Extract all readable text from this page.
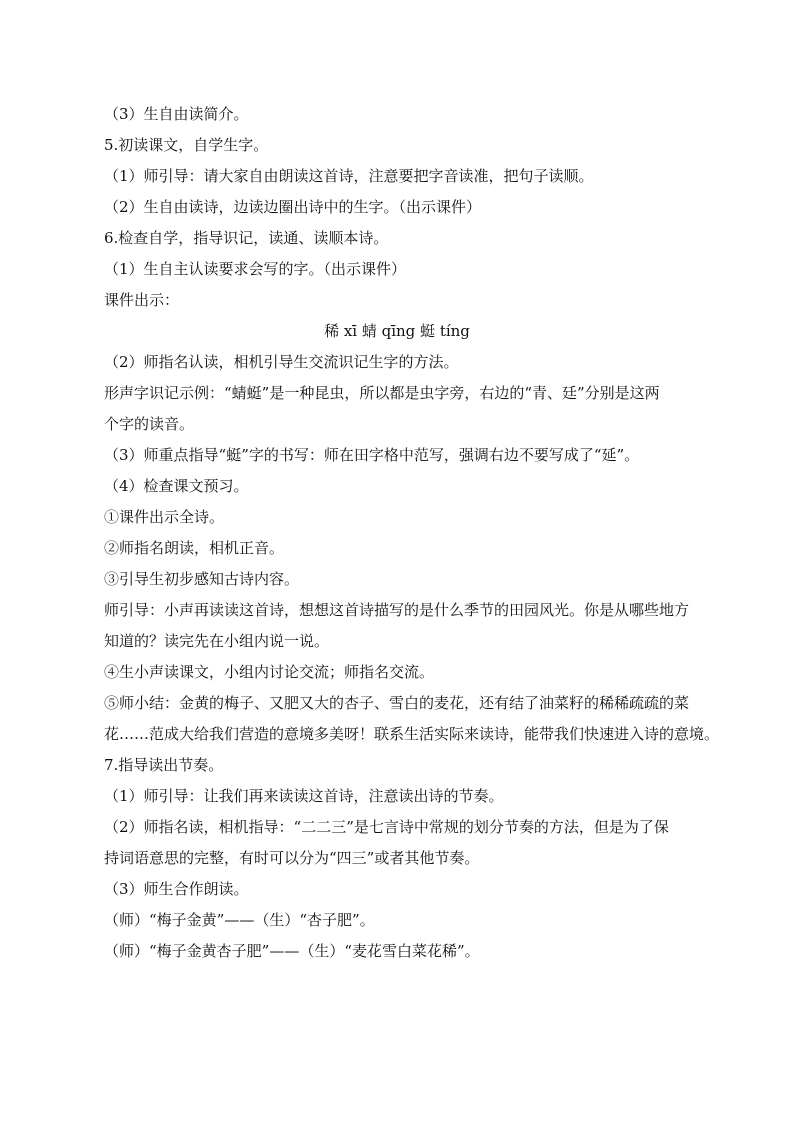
（3）生自由读简介。
5.初读课文，自学生字。
（1）师引导：请大家自由朗读这首诗，注意要把字音读准，把句子读顺。
（2）生自由读诗，边读边圈出诗中的生字。（出示课件）
6.检查自学，指导识记，读通、读顺本诗。
（1）生自主认读要求会写的字。（出示课件）
课件出示：
稀 xī 蜻 qīng 蜓 tíng
（2）师指名认读，相机引导生交流识记生字的方法。
形声字识记示例：“蜻蜓”是一种昆虫，所以都是虫字旁，右边的“青、廷”分别是这两
个字的读音。
（3）师重点指导“蜓”字的书写：师在田字格中范写，强调右边不要写成了“延”。
（4）检查课文预习。
①课件出示全诗。
②师指名朗读，相机正音。
③引导生初步感知古诗内容。
师引导：小声再读读这首诗，想想这首诗描写的是什么季节的田园风光。你是从哪些地方
知道的？读完先在小组内说一说。
④生小声读课文，小组内讨论交流；师指名交流。
⑤师小结：金黄的梅子、又肥又大的杏子、雪白的麦花，还有结了油菜籽的稀稀疏疏的菜
花……范成大给我们营造的意境多美呀！联系生活实际来读诗，能带我们快速进入诗的意境。
7.指导读出节奏。
（1）师引导：让我们再来读读这首诗，注意读出诗的节奏。
（2）师指名读，相机指导：“二二三”是七言诗中常规的划分节奏的方法，但是为了保
持词语意思的完整，有时可以分为“四三”或者其他节奏。
（3）师生合作朗读。
（师）“梅子金黄”——（生）“杏子肥”。
（师）“梅子金黄杏子肥”——（生）“麦花雪白菜花稀”。
